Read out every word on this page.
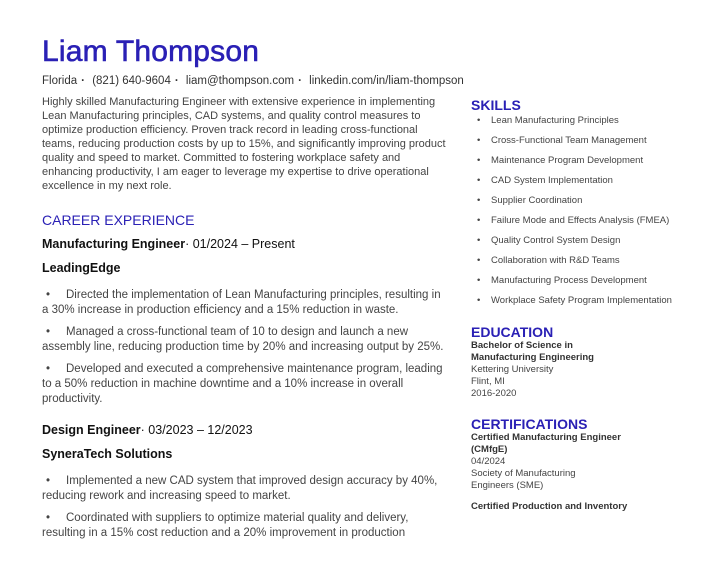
Liam Thompson
Florida · (821) 640-9604 · liam@thompson.com · linkedin.com/in/liam-thompson
Highly skilled Manufacturing Engineer with extensive experience in implementing Lean Manufacturing principles, CAD systems, and quality control measures to optimize production efficiency. Proven track record in leading cross-functional teams, reducing production costs by up to 15%, and significantly improving product quality and speed to market. Committed to fostering workplace safety and enhancing productivity, I am eager to leverage my expertise to drive operational excellence in my next role.
CAREER EXPERIENCE
Manufacturing Engineer· 01/2024 – Present
LeadingEdge
• Directed the implementation of Lean Manufacturing principles, resulting in a 30% increase in production efficiency and a 15% reduction in waste.
• Managed a cross-functional team of 10 to design and launch a new assembly line, reducing production time by 20% and increasing output by 25%.
• Developed and executed a comprehensive maintenance program, leading to a 50% reduction in machine downtime and a 10% increase in overall productivity.
Design Engineer· 03/2023 – 12/2023
SyneraTech Solutions
• Implemented a new CAD system that improved design accuracy by 40%, reducing rework and increasing speed to market.
• Coordinated with suppliers to optimize material quality and delivery, resulting in a 15% cost reduction and a 20% improvement in production
SKILLS
• Lean Manufacturing Principles
• Cross-Functional Team Management
• Maintenance Program Development
• CAD System Implementation
• Supplier Coordination
• Failure Mode and Effects Analysis (FMEA)
• Quality Control System Design
• Collaboration with R&D Teams
• Manufacturing Process Development
• Workplace Safety Program Implementation
EDUCATION
Bachelor of Science in Manufacturing Engineering
Kettering University
Flint, MI
2016-2020
CERTIFICATIONS
Certified Manufacturing Engineer (CMfgE)
04/2024
Society of Manufacturing Engineers (SME)
Certified Production and Inventory
